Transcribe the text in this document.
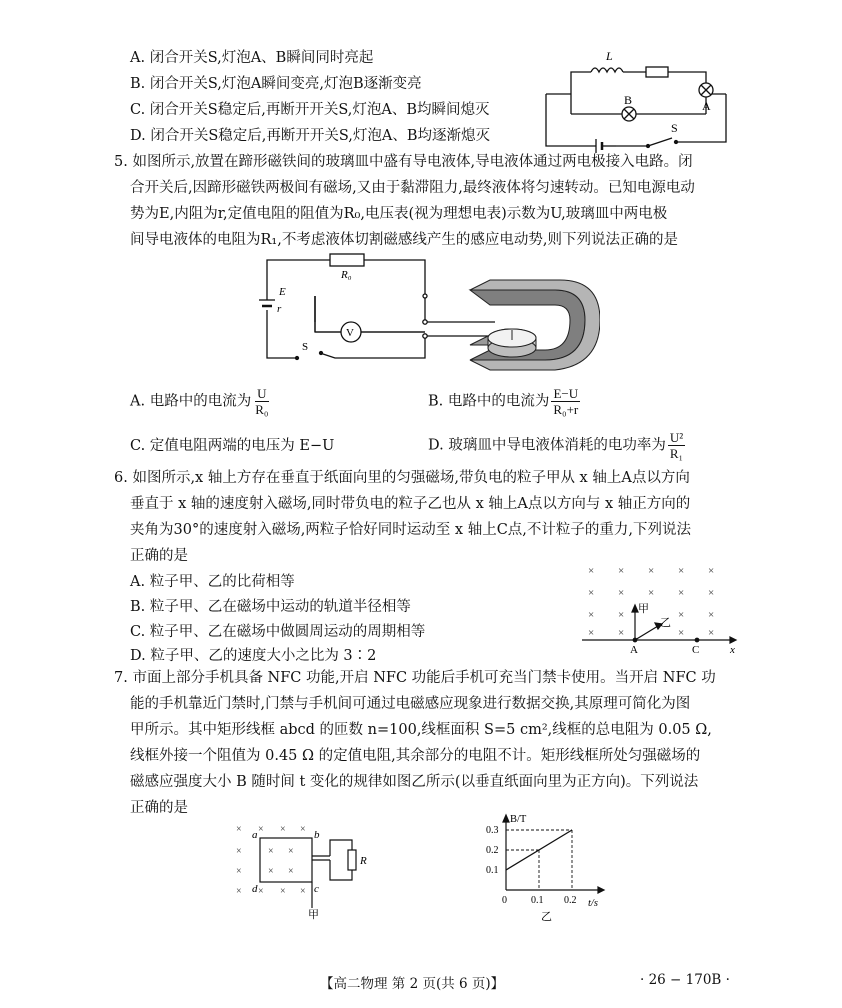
A. 闭合开关S,灯泡A、B瞬间同时亮起
B. 闭合开关S,灯泡A瞬间变亮,灯泡B逐渐变亮
C. 闭合开关S稳定后,再断开开关S,灯泡A、B均瞬间熄灭
D. 闭合开关S稳定后,再断开开关S,灯泡A、B均逐渐熄灭
L
B	A
S
5. 如图所示,放置在蹄形磁铁间的玻璃皿中盛有导电液体,导电液体通过两电极接入电路。闭
合开关后,因蹄形磁铁两极间有磁场,又由于黏滞阻力,最终液体将匀速转动。已知电源电动
势为E,内阻为r,定值电阻的阻值为R₀,电压表(视为理想电表)示数为U,玻璃皿中两电极
间导电液体的电阻为R₁,不考虑液体切割磁感线产生的感应电动势,则下列说法正确的是
R₀
E
r
V
S
A. 电路中的电流为 $\frac{U}{\text{R₀}}$	B. 电路中的电流为 $\frac{E-U}{\text{R₀+r}}$
C. 定值电阻两端的电压为 E−U	D. 玻璃皿中导电液体消耗的电功率为 $\frac{\text{U²}}{\text{R₁}}$
6. 如图所示,x 轴上方存在垂直于纸面向里的匀强磁场,带负电的粒子甲从 x 轴上A点以方向
垂直于 x 轴的速度射入磁场,同时带负电的粒子乙也从 x 轴上A点以方向与 x 轴正方向的
夹角为30°的速度射入磁场,两粒子恰好同时运动至 x 轴上C点,不计粒子的重力,下列说法
正确的是
A. 粒子甲、乙的比荷相等
B. 粒子甲、乙在磁场中运动的轨道半径相等
C. 粒子甲、乙在磁场中做圆周运动的周期相等
D. 粒子甲、乙的速度大小之比为 3∶2
× × × × ×
× × × × ×
× ×	× ×
× ×	× ×
甲
乙
A	C	x
7. 市面上部分手机具备 NFC 功能,开启 NFC 功能后手机可充当门禁卡使用。当开启 NFC 功
能的手机靠近门禁时,门禁与手机间可通过电磁感应现象进行数据交换,其原理可简化为图
甲所示。其中矩形线框 abcd 的匝数 n=100,线框面积 S=5 cm²,线框的总电阻为 0.05 Ω,
线框外接一个阻值为 0.45 Ω 的定值电阻,其余部分的电阻不计。矩形线框所处匀强磁场的
磁感应强度大小 B 随时间 t 变化的规律如图乙所示(以垂直纸面向里为正方向)。下列说法
正确的是
× × × ×
×	× ×
×	× ×
× × × ×
a	b
c
d
R
甲
B/T
t/s
0.3
0.2
0.1
0 0.1 0.2
乙
【高二物理 第 2 页(共 6 页)】	· 26 − 170B ·
